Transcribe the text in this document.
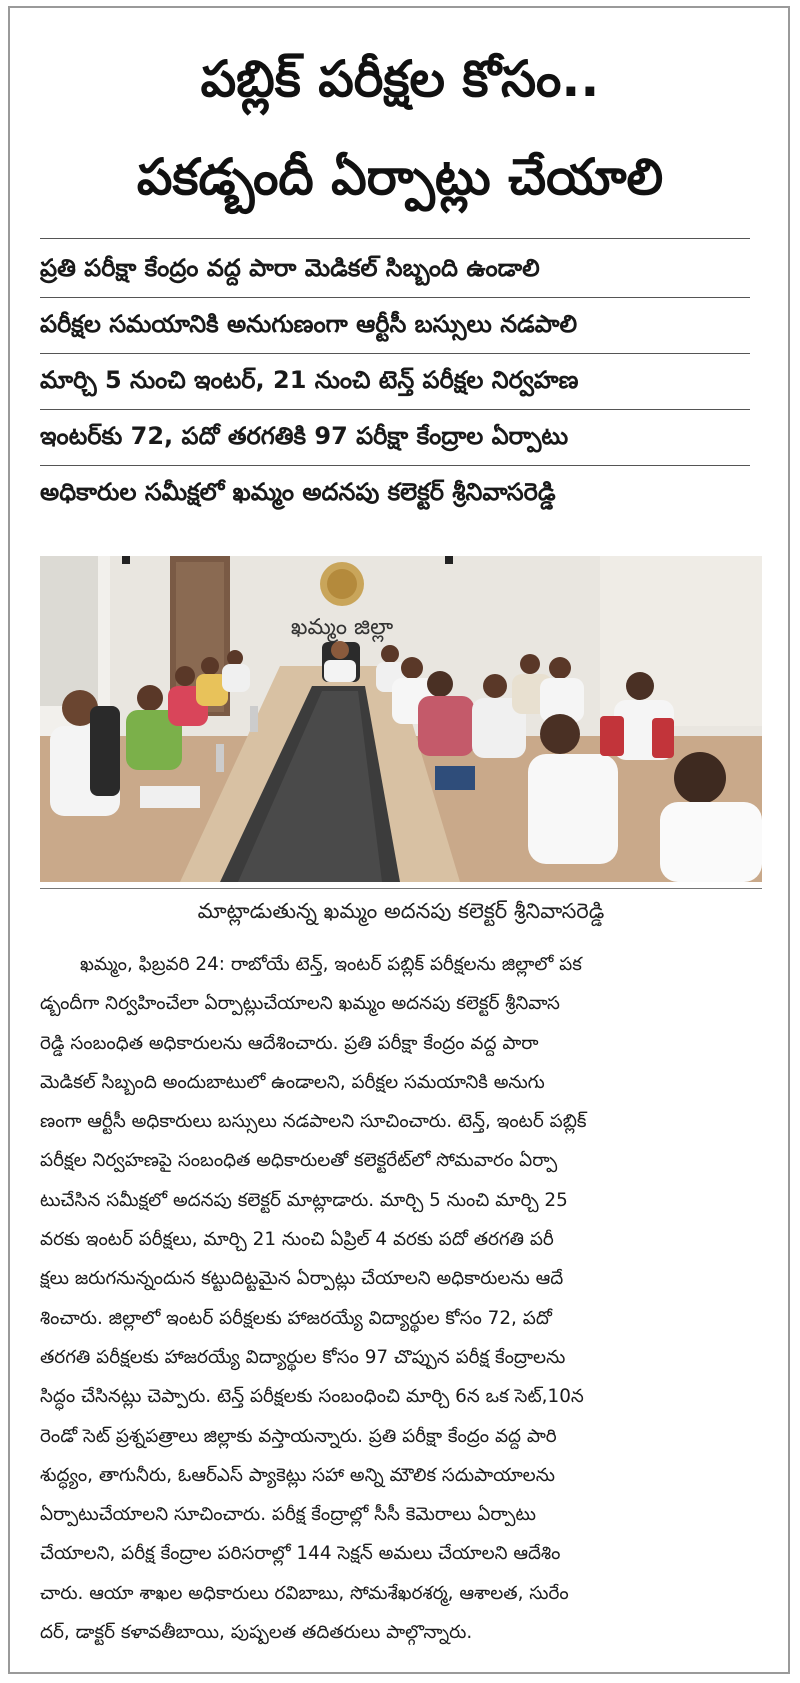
పబ్లిక్ పరీక్షల కోసం..
పకడ్బందీ ఏర్పాట్లు చేయాలి
ప్రతి పరీక్షా కేంద్రం వద్ద పారా మెడికల్ సిబ్బంది ఉండాలి
పరీక్షల సమయానికి అనుగుణంగా ఆర్టీసీ బస్సులు నడపాలి
మార్చి 5 నుంచి ఇంటర్, 21 నుంచి టెన్త్ పరీక్షల నిర్వహణ
ఇంటర్‌కు 72, పదో తరగతికి 97 పరీక్షా కేంద్రాల ఏర్పాటు
అధికారుల సమీక్షలో ఖమ్మం అదనపు కలెక్టర్ శ్రీనివాసరెడ్డి
ఖమ్మం జిల్లా
మాట్లాడుతున్న ఖమ్మం అదనపు కలెక్టర్ శ్రీనివాసరెడ్డి
ఖమ్మం, ఫిబ్రవరి 24: రాబోయే టెన్త్, ఇంటర్ పబ్లిక్ పరీక్షలను జిల్లాలో పక
డ్బందీగా నిర్వహించేలా ఏర్పాట్లుచేయాలని ఖమ్మం అదనపు కలెక్టర్ శ్రీనివాస
రెడ్డి సంబంధిత అధికారులను ఆదేశించారు. ప్రతి పరీక్షా కేంద్రం వద్ద పారా
మెడికల్ సిబ్బంది అందుబాటులో ఉండాలని, పరీక్షల సమయానికి అనుగు
ణంగా ఆర్టీసీ అధికారులు బస్సులు నడపాలని సూచించారు. టెన్త్, ఇంటర్ పబ్లిక్
పరీక్షల నిర్వహణపై సంబంధిత అధికారులతో కలెక్టరేట్‌లో సోమవారం ఏర్పా
టుచేసిన సమీక్షలో అదనపు కలెక్టర్ మాట్లాడారు. మార్చి 5 నుంచి మార్చి 25
వరకు ఇంటర్ పరీక్షలు, మార్చి 21 నుంచి ఏప్రిల్ 4 వరకు పదో తరగతి పరీ
క్షలు జరుగనున్నందున కట్టుదిట్టమైన ఏర్పాట్లు చేయాలని అధికారులను ఆదే
శించారు. జిల్లాలో ఇంటర్ పరీక్షలకు హాజరయ్యే విద్యార్థుల కోసం 72, పదో
తరగతి పరీక్షలకు హాజరయ్యే విద్యార్థుల కోసం 97 చొప్పున పరీక్ష కేంద్రాలను
సిద్ధం చేసినట్లు చెప్పారు. టెన్త్ పరీక్షలకు సంబంధించి మార్చి 6న ఒక సెట్,10న
రెండో సెట్ ప్రశ్నపత్రాలు జిల్లాకు వస్తాయన్నారు. ప్రతి పరీక్షా కేంద్రం వద్ద పారి
శుద్ధ్యం, తాగునీరు, ఓఆర్ఎస్ ప్యాకెట్లు సహా అన్ని మౌలిక సదుపాయాలను
ఏర్పాటుచేయాలని సూచించారు. పరీక్ష కేంద్రాల్లో సీసీ కెమెరాలు ఏర్పాటు
చేయాలని, పరీక్ష కేంద్రాల పరిసరాల్లో 144 సెక్షన్ అమలు చేయాలని ఆదేశిం
చారు. ఆయా శాఖల అధికారులు రవిబాబు, సోమశేఖరశర్మ, ఆశాలత, సురేం
దర్, డాక్టర్ కళావతీబాయి, పుష్పలత తదితరులు పాల్గొన్నారు.
